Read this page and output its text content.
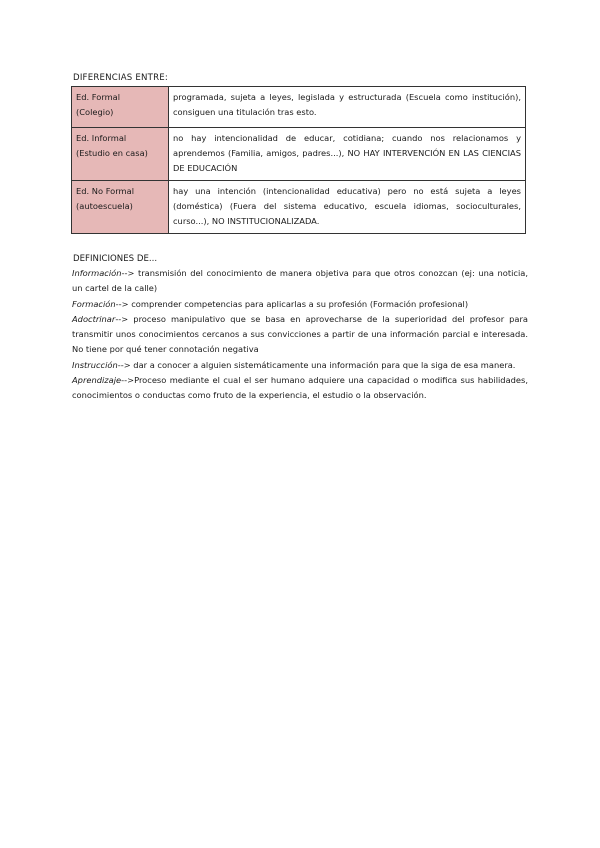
DIFERENCIAS ENTRE:
Ed. Formal
(Colegio)	programada, sujeta a leyes, legislada y estructurada (Escuela como institución), consiguen una titulación tras esto.
Ed. Informal
(Estudio en casa)	no hay intencionalidad de educar, cotidiana; cuando nos relacionamos y aprendemos (Familia, amigos, padres...), NO HAY INTERVENCIÓN EN LAS CIENCIAS DE EDUCACIÓN
Ed. No Formal
(autoescuela)	hay una intención (intencionalidad educativa) pero no está sujeta a leyes (doméstica) (Fuera del sistema educativo, escuela idiomas, socioculturales, curso...), NO INSTITUCIONALIZADA.
DEFINICIONES DE...

Información--> transmisión del conocimiento de manera objetiva para que otros conozcan (ej: una noticia, un cartel de la calle)

Formación--> comprender competencias para aplicarlas a su profesión (Formación profesional)

Adoctrinar--> proceso manipulativo que se basa en aprovecharse de la superioridad del profesor para transmitir unos conocimientos cercanos a sus convicciones a partir de una información parcial e interesada. No tiene por qué tener connotación negativa

Instrucción--> dar a conocer a alguien sistemáticamente una información para que la siga de esa manera.

Aprendizaje-->Proceso mediante el cual el ser humano adquiere una capacidad o modifica sus habilidades, conocimientos o conductas como fruto de la experiencia, el estudio o la observación.
